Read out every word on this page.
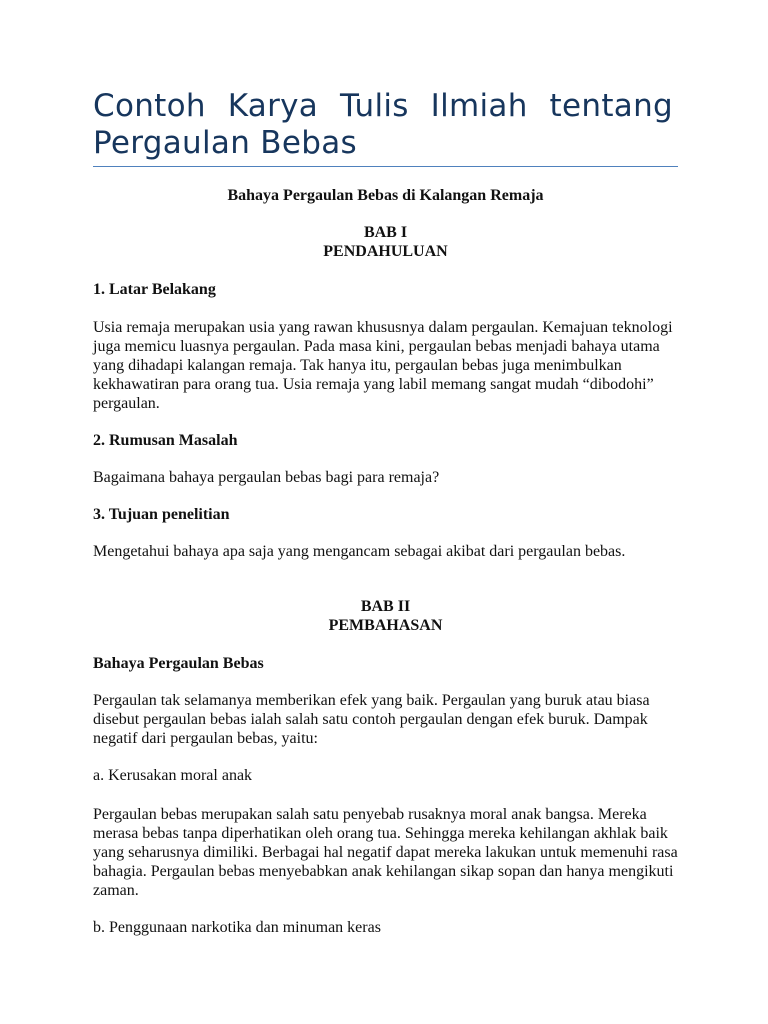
Contoh Karya Tulis Ilmiah tentang Pergaulan Bebas
Bahaya Pergaulan Bebas di Kalangan Remaja
BAB I
PENDAHULUAN
1. Latar Belakang

Usia remaja merupakan usia yang rawan khususnya dalam pergaulan. Kemajuan teknologi juga memicu luasnya pergaulan. Pada masa kini, pergaulan bebas menjadi bahaya utama yang dihadapi kalangan remaja. Tak hanya itu, pergaulan bebas juga menimbulkan kekhawatiran para orang tua. Usia remaja yang labil memang sangat mudah “dibodohi” pergaulan.

2. Rumusan Masalah

Bagaimana bahaya pergaulan bebas bagi para remaja?

3. Tujuan penelitian

Mengetahui bahaya apa saja yang mengancam sebagai akibat dari pergaulan bebas.

BAB II
PEMBAHASAN
Bahaya Pergaulan Bebas

Pergaulan tak selamanya memberikan efek yang baik. Pergaulan yang buruk atau biasa disebut pergaulan bebas ialah salah satu contoh pergaulan dengan efek buruk. Dampak negatif dari pergaulan bebas, yaitu:

a. Kerusakan moral anak

Pergaulan bebas merupakan salah satu penyebab rusaknya moral anak bangsa. Mereka merasa bebas tanpa diperhatikan oleh orang tua. Sehingga mereka kehilangan akhlak baik yang seharusnya dimiliki. Berbagai hal negatif dapat mereka lakukan untuk memenuhi rasa bahagia. Pergaulan bebas menyebabkan anak kehilangan sikap sopan dan hanya mengikuti zaman.

b. Penggunaan narkotika dan minuman keras
